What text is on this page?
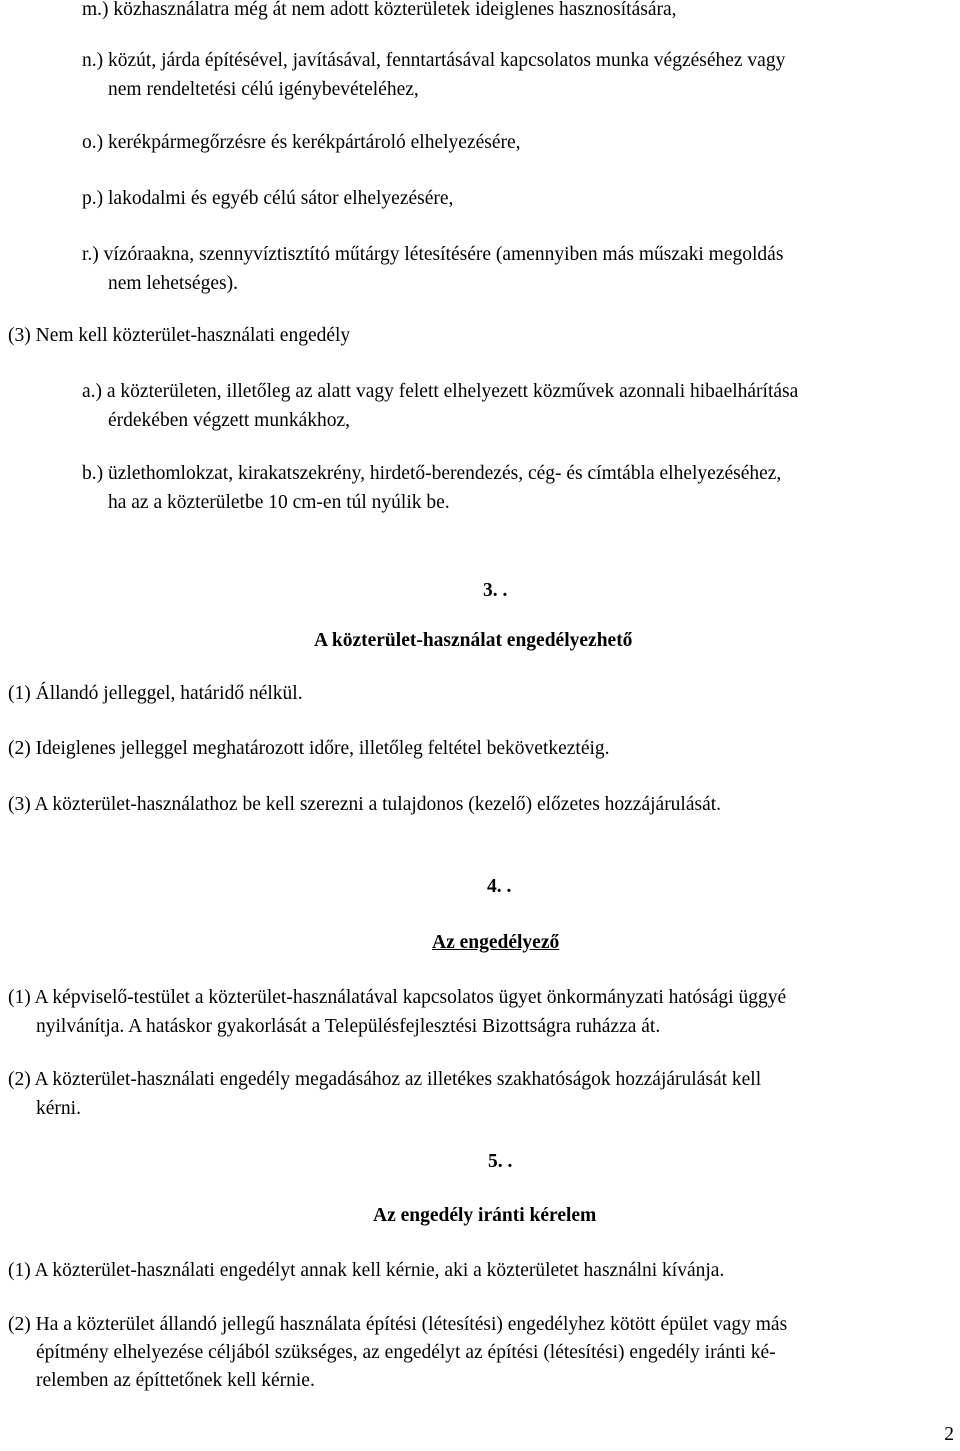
m.) közhasználatra még át nem adott közterületek ideiglenes hasznosítására,

n.) közút, járda építésével, javításával, fenntartásával kapcsolatos munka végzéséhez vagy

nem rendeltetési célú igénybevételéhez,

o.) kerékpármegőrzésre és kerékpártároló elhelyezésére,

p.) lakodalmi és egyéb célú sátor elhelyezésére,

r.) vízóraakna, szennyvíztisztító műtárgy létesítésére (amennyiben más műszaki megoldás

nem lehetséges).

(3) Nem kell közterület-használati engedély

a.) a közterületen, illetőleg az alatt vagy felett elhelyezett közművek azonnali hibaelhárítása

érdekében végzett munkákhoz,

b.) üzlethomlokzat, kirakatszekrény, hirdető-berendezés, cég- és címtábla elhelyezéséhez,

ha az a közterületbe 10 cm-en túl nyúlik be.

3. .

A közterület-használat engedélyezhető

(1) Állandó jelleggel, határidő nélkül.

(2) Ideiglenes jelleggel meghatározott időre, illetőleg feltétel bekövetkeztéig.

(3) A közterület-használathoz be kell szerezni a tulajdonos (kezelő) előzetes hozzájárulását.

4. .

Az engedélyező

(1) A képviselő-testület a közterület-használatával kapcsolatos ügyet önkormányzati hatósági üggyé

nyilvánítja. A hatáskor gyakorlását a Településfejlesztési Bizottságra ruházza át.

(2) A közterület-használati engedély megadásához az illetékes szakhatóságok hozzájárulását kell

kérni.

5. .

Az engedély iránti kérelem

(1) A közterület-használati engedélyt annak kell kérnie, aki a közterületet használni kívánja.

(2) Ha a közterület állandó jellegű használata építési (létesítési) engedélyhez kötött épület vagy más

építmény elhelyezése céljából szükséges, az engedélyt az építési (létesítési) engedély iránti ké-

relemben az építtetőnek kell kérnie.

2
